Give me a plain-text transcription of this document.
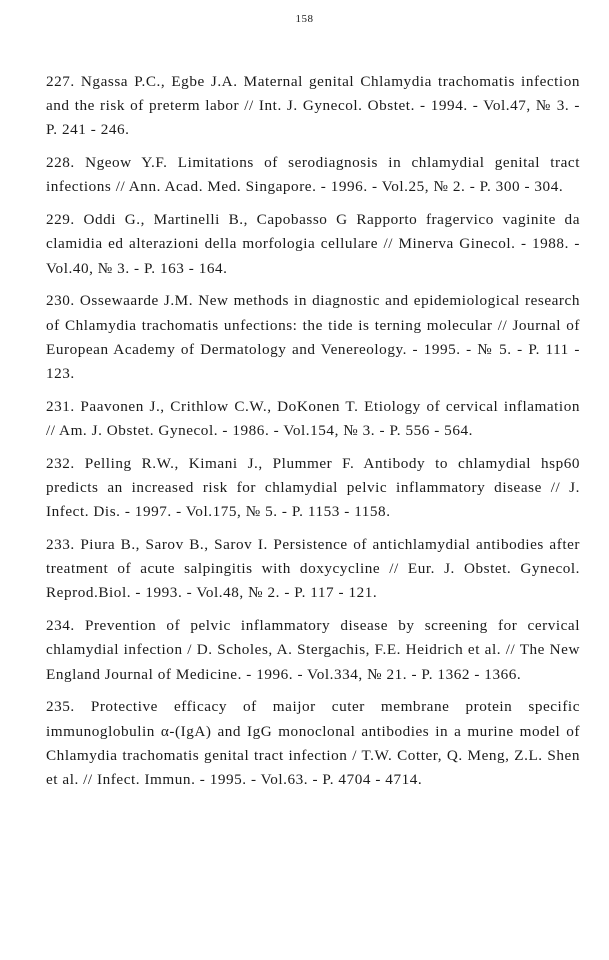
158
227. Ngassa P.C., Egbe J.A. Maternal genital Chlamydia trachomatis infection and the risk of preterm labor // Int. J. Gynecol. Obstet. - 1994. - Vol.47, № 3. - P. 241 - 246.
228. Ngeow Y.F. Limitations of serodiagnosis in chlamydial genital tract infections // Ann. Acad. Med. Singapore. - 1996. - Vol.25, № 2. - P. 300 - 304.
229. Oddi G., Martinelli B., Capobasso G Rapporto fragervico vaginite da clamidia ed alterazioni della morfologia cellulare // Minerva Ginecol. - 1988. - Vol.40, № 3. - P. 163 - 164.
230. Ossewaarde J.M. New methods in diagnostic and epidemiological research of Chlamydia trachomatis unfections: the tide is terning molecular // Journal of European Academy of Dermatology and Venereology. - 1995. - № 5. - P. 111 - 123.
231. Paavonen J., Crithlow C.W., DoKonen T. Etiology of cervical inflamation // Am. J. Obstet. Gynecol. - 1986. - Vol.154, № 3. - P. 556 - 564.
232. Pelling R.W., Kimani J., Plummer F. Antibody to chlamydial hsp60 predicts an increased risk for chlamydial pelvic inflammatory disease // J. Infect. Dis. - 1997. - Vol.175, № 5. - P. 1153 - 1158.
233. Piura B., Sarov B., Sarov I. Persistence of antichlamydial antibodies after treatment of acute salpingitis with doxycycline // Eur. J. Obstet. Gynecol. Reprod.Biol. - 1993. - Vol.48, № 2. - P. 117 - 121.
234. Prevention of pelvic inflammatory disease by screening for cervical chlamydial infection / D. Scholes, A. Stergachis, F.E. Heidrich et al. // The New England Journal of Medicine. - 1996. - Vol.334, № 21. - P. 1362 - 1366.
235. Protective efficacy of maijor cuter membrane protein specific immunoglobulin α-(IgA) and IgG monoclonal antibodies in a murine model of Chlamydia trachomatis genital tract infection / T.W. Cotter, Q. Meng, Z.L. Shen et al. // Infect. Immun. - 1995. - Vol.63. - P. 4704 - 4714.
